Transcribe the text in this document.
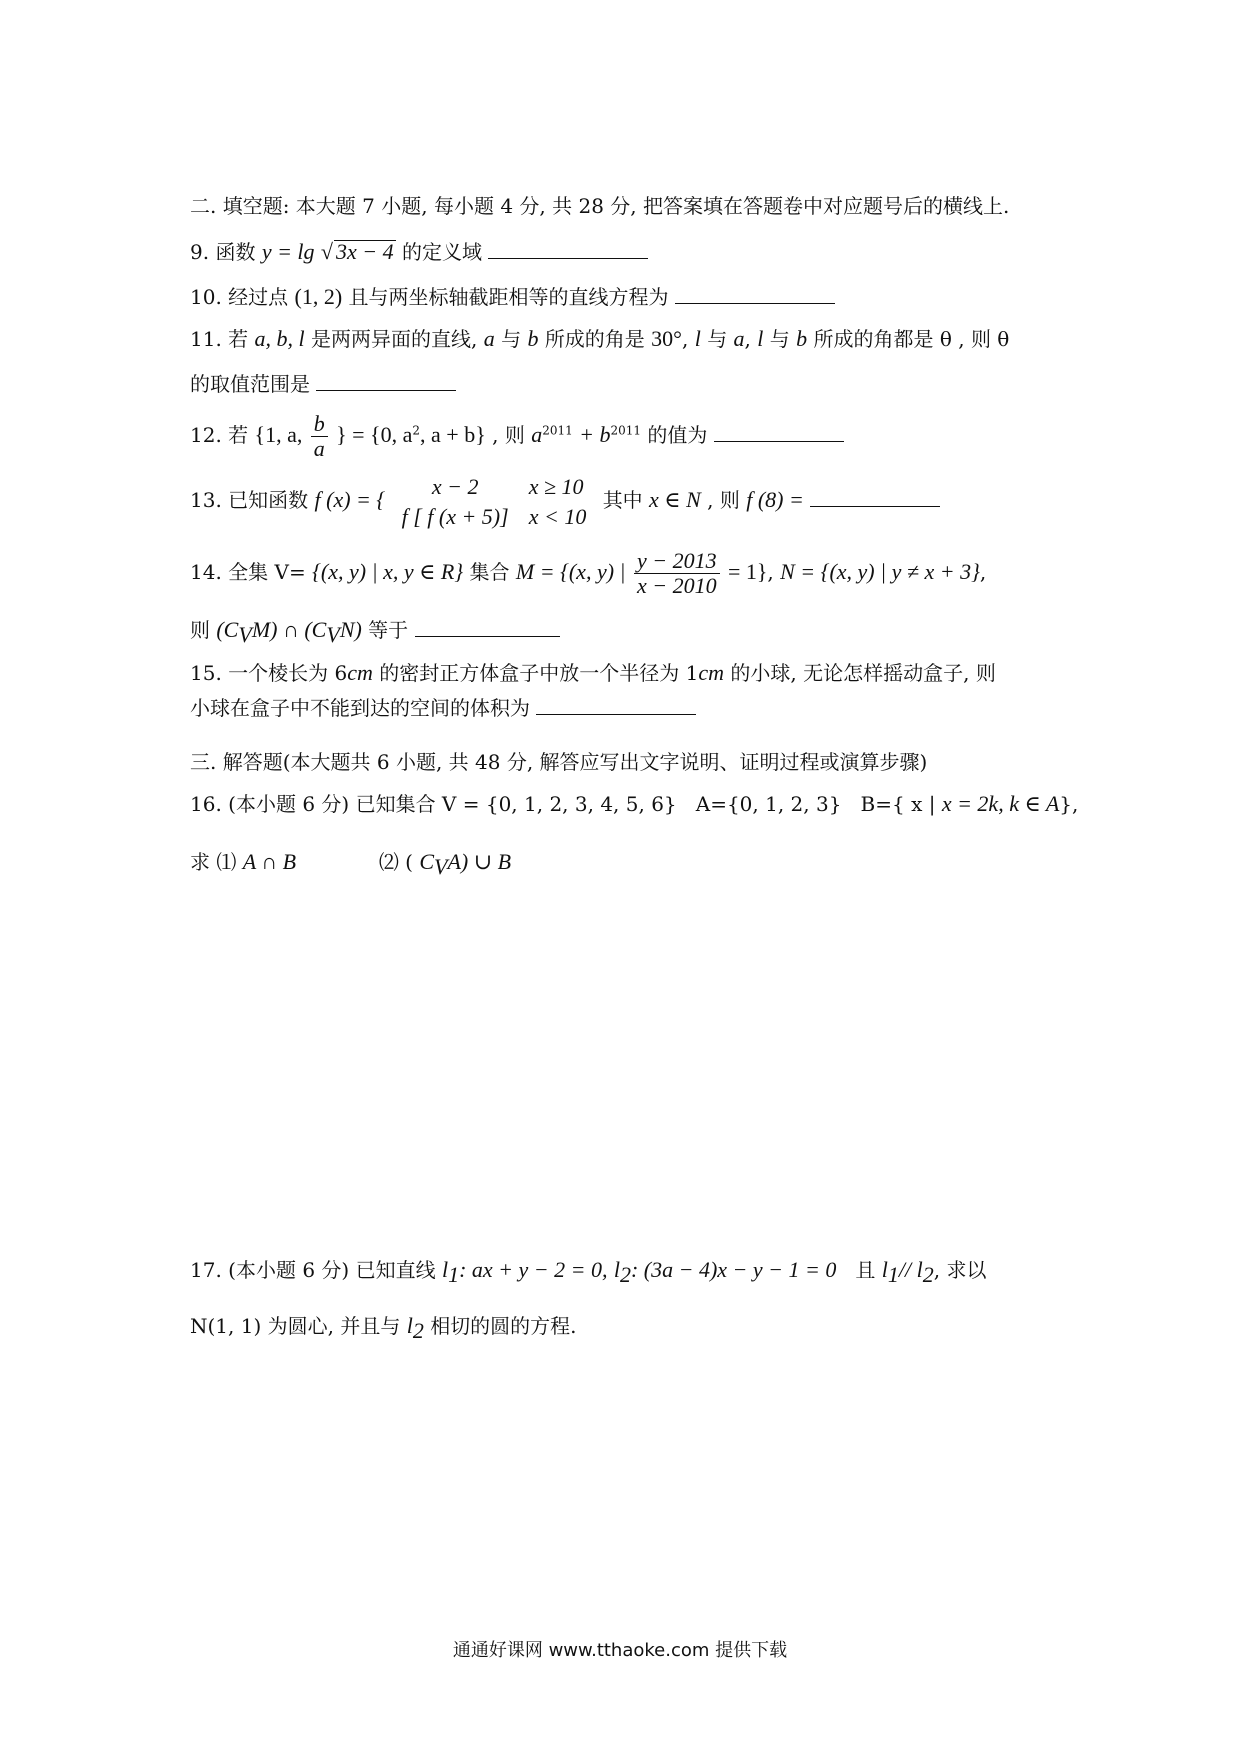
二. 填空题: 本大题 7 小题, 每小题 4 分, 共 28 分, 把答案填在答题卷中对应题号后的横线上.
9. 函数 y = lg √ 3x − 4 的定义域
10. 经过点 (1, 2) 且与两坐标轴截距相等的直线方程为
11. 若 a, b, l 是两两异面的直线, a 与 b 所成的角是 30°, l 与 a, l 与 b 所成的角都是 θ , 则 θ
的取值范围是
12. 若 {1, a, $\frac{b}{a}$ } = {0, $a^2$, a + b} , 则 $a^{2011} + b^{2011}$ 的值为
13. 已知函数 f (x) = { x − 2	x ≥ 10
f [ f (x + 5)]	x < 10 其中 x ∈ N , 则 f (8) =
14. 全集 V= {(x, y) | x, y ∈ R} 集合 M = {(x, y) | $\frac{y - 2013}{x - 2010} = 1$}, N = {(x, y) | y ≠ x + 3},
则 $(C_VM)$ ∩ $(C_VN)$ 等于
15. 一个棱长为 6cm 的密封正方体盒子中放一个半径为 1cm 的小球, 无论怎样摇动盒子, 则
小球在盒子中不能到达的空间的体积为
三. 解答题(本大题共 6 小题, 共 48 分, 解答应写出文字说明、证明过程或演算步骤)
16. (本小题 6 分) 已知集合 V = {0, 1, 2, 3, 4, 5, 6} A={0, 1, 2, 3} B={ x | x = 2k, k ∈ A},
求 ⑴ A ∩ B	⑵ ( $C_VA$) ∪ B
17. (本小题 6 分) 已知直线 $l_1$: ax + y − 2 = 0, $l_2$: (3a − 4)x − y − 1 = 0 且 $l_1//$ $l_2$, 求以
N(1, 1) 为圆心, 并且与 $l_2$ 相切的圆的方程.
通通好课网 www.tthaoke.com 提供下载
